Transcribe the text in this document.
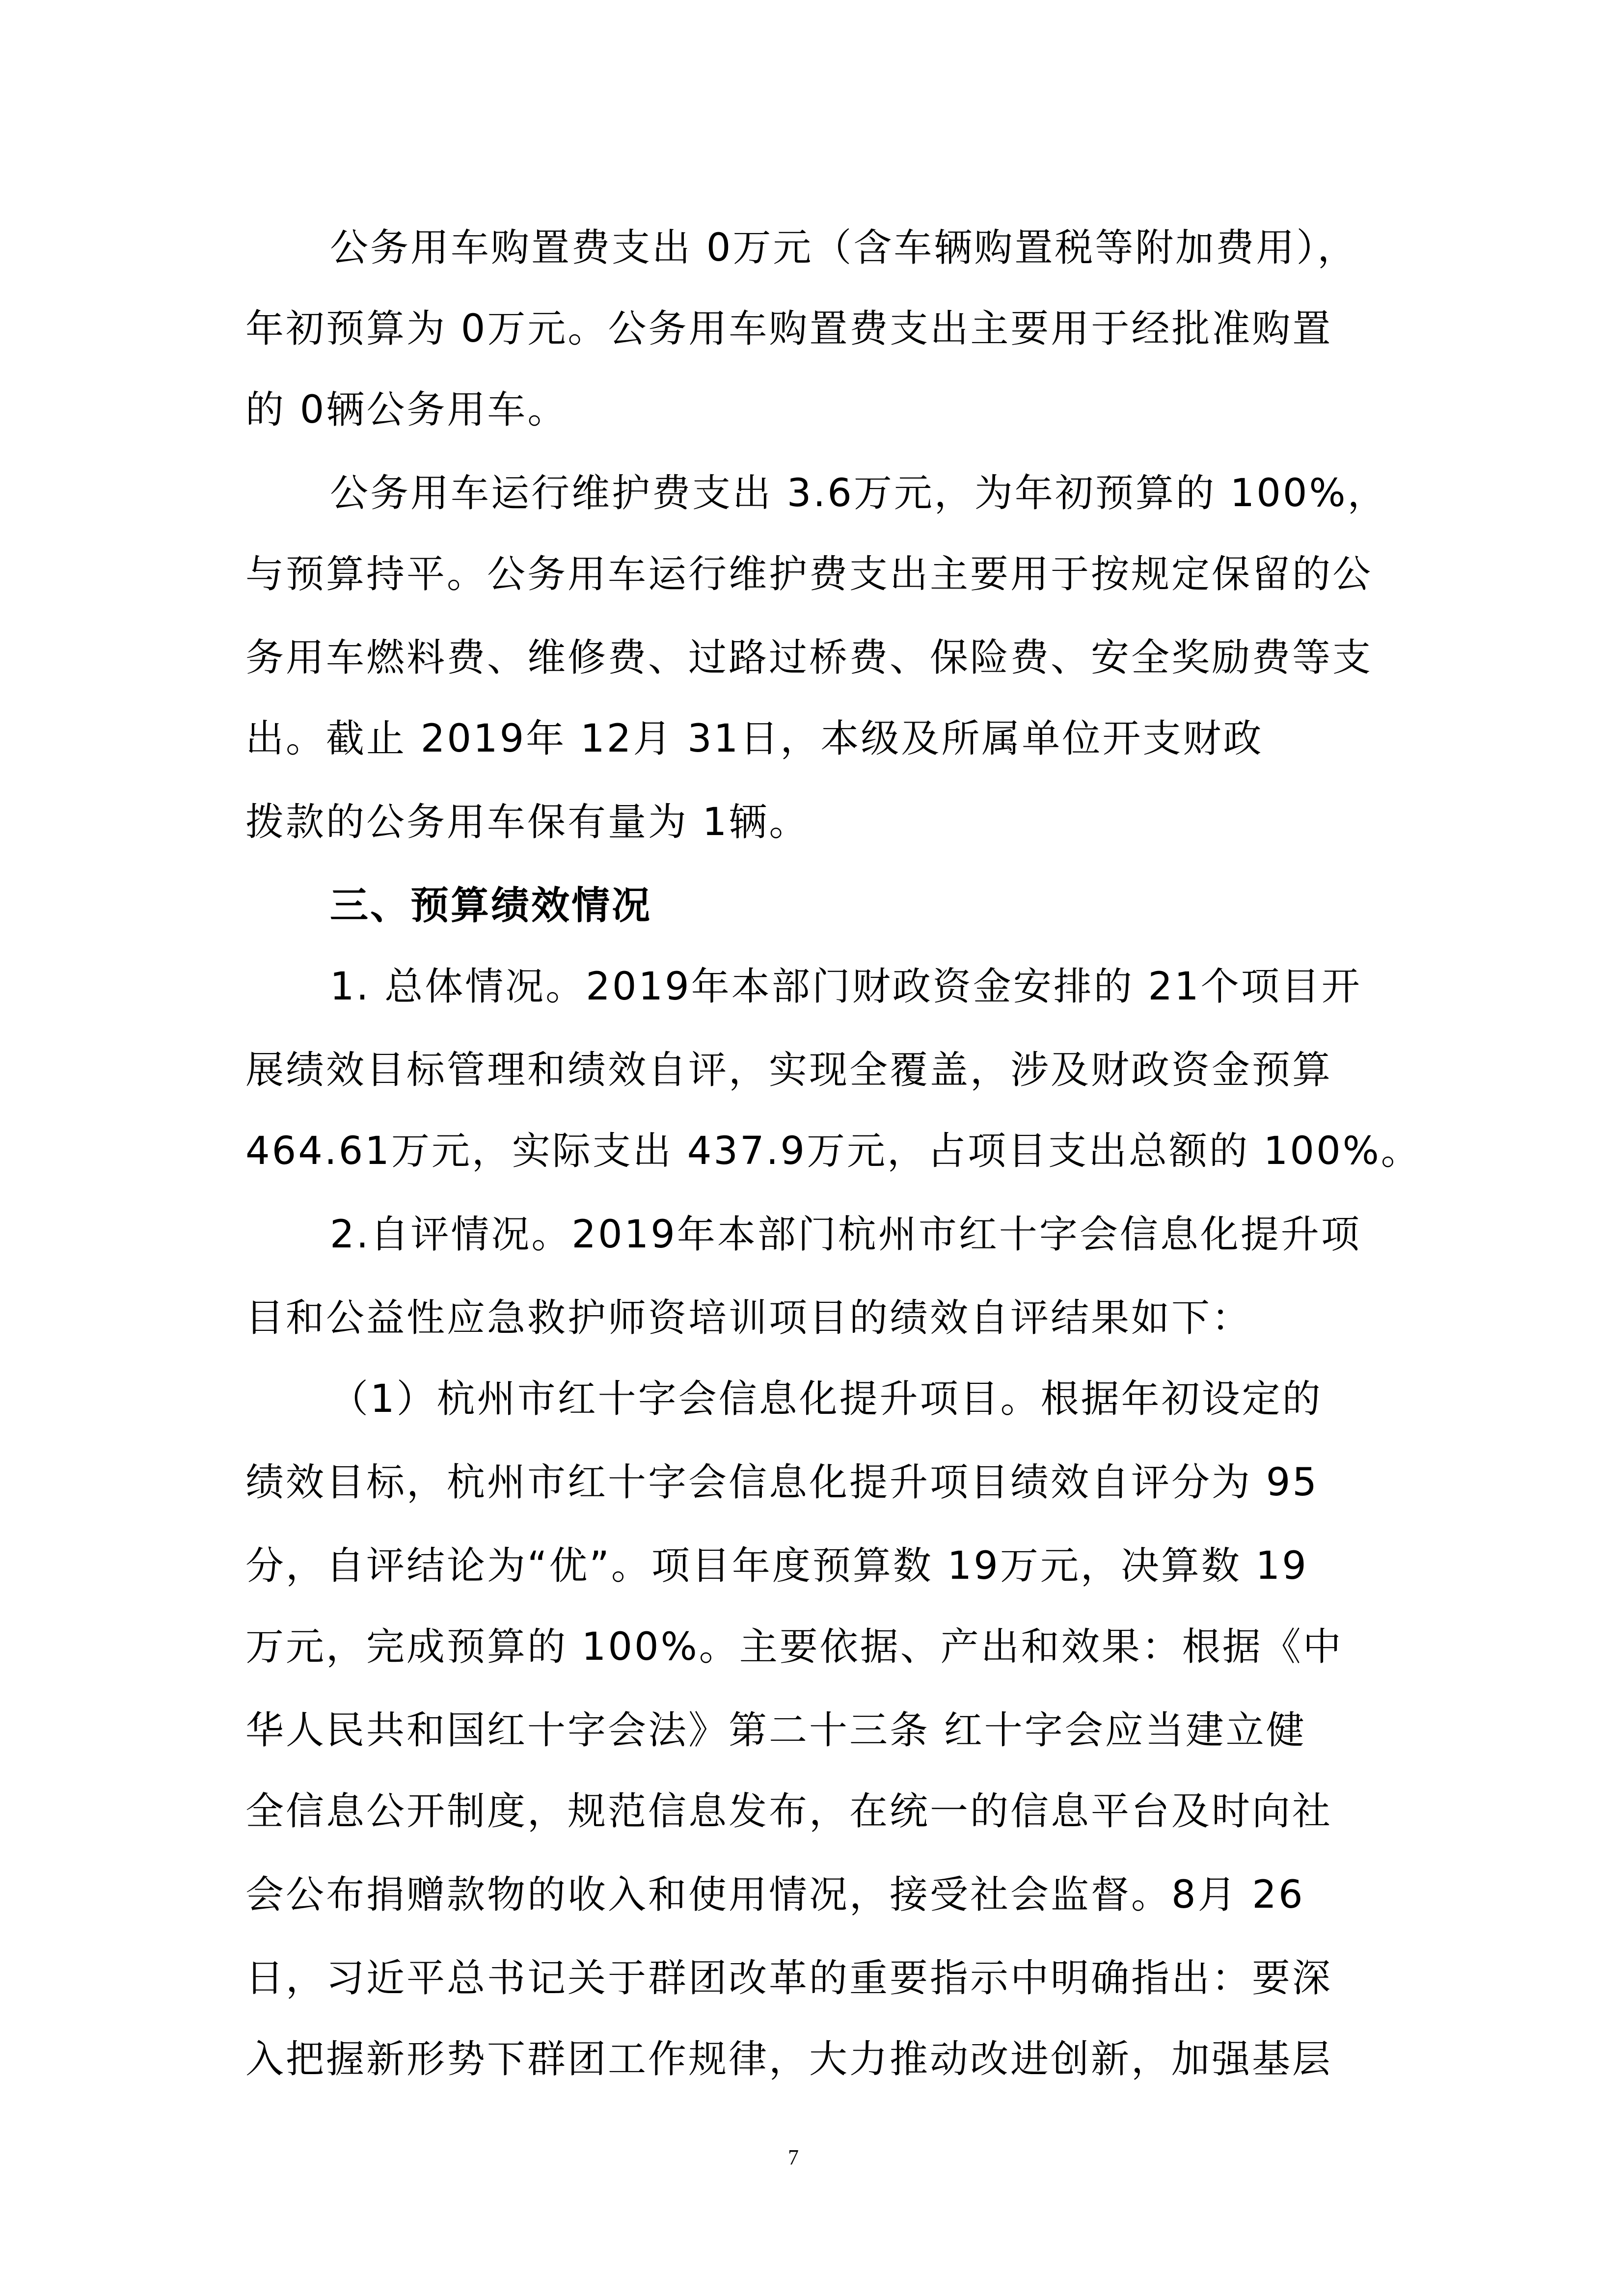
公务用车购置费支出 0万元（含车辆购置税等附加费用），
年初预算为 0万元。公务用车购置费支出主要用于经批准购置
的 0辆公务用车。
公务用车运行维护费支出 3.6万元，为年初预算的 100%，
与预算持平。公务用车运行维护费支出主要用于按规定保留的公
务用车燃料费、维修费、过路过桥费、保险费、安全奖励费等支
出。截止 2019年 12月 31日，本级及所属单位开支财政
拨款的公务用车保有量为 1辆。
三、预算绩效情况
1. 总体情况。2019年本部门财政资金安排的 21个项目开
展绩效目标管理和绩效自评，实现全覆盖，涉及财政资金预算
464.61万元，实际支出 437.9万元，占项目支出总额的 100%。
2.自评情况。2019年本部门杭州市红十字会信息化提升项
目和公益性应急救护师资培训项目的绩效自评结果如下：
（1）杭州市红十字会信息化提升项目。根据年初设定的
绩效目标，杭州市红十字会信息化提升项目绩效自评分为 95
分，自评结论为“优”。项目年度预算数 19万元，决算数 19
万元，完成预算的 100%。主要依据、产出和效果：根据《中
华人民共和国红十字会法》第二十三条 红十字会应当建立健
全信息公开制度，规范信息发布，在统一的信息平台及时向社
会公布捐赠款物的收入和使用情况，接受社会监督。8月 26
日，习近平总书记关于群团改革的重要指示中明确指出：要深
入把握新形势下群团工作规律，大力推动改进创新，加强基层
7
